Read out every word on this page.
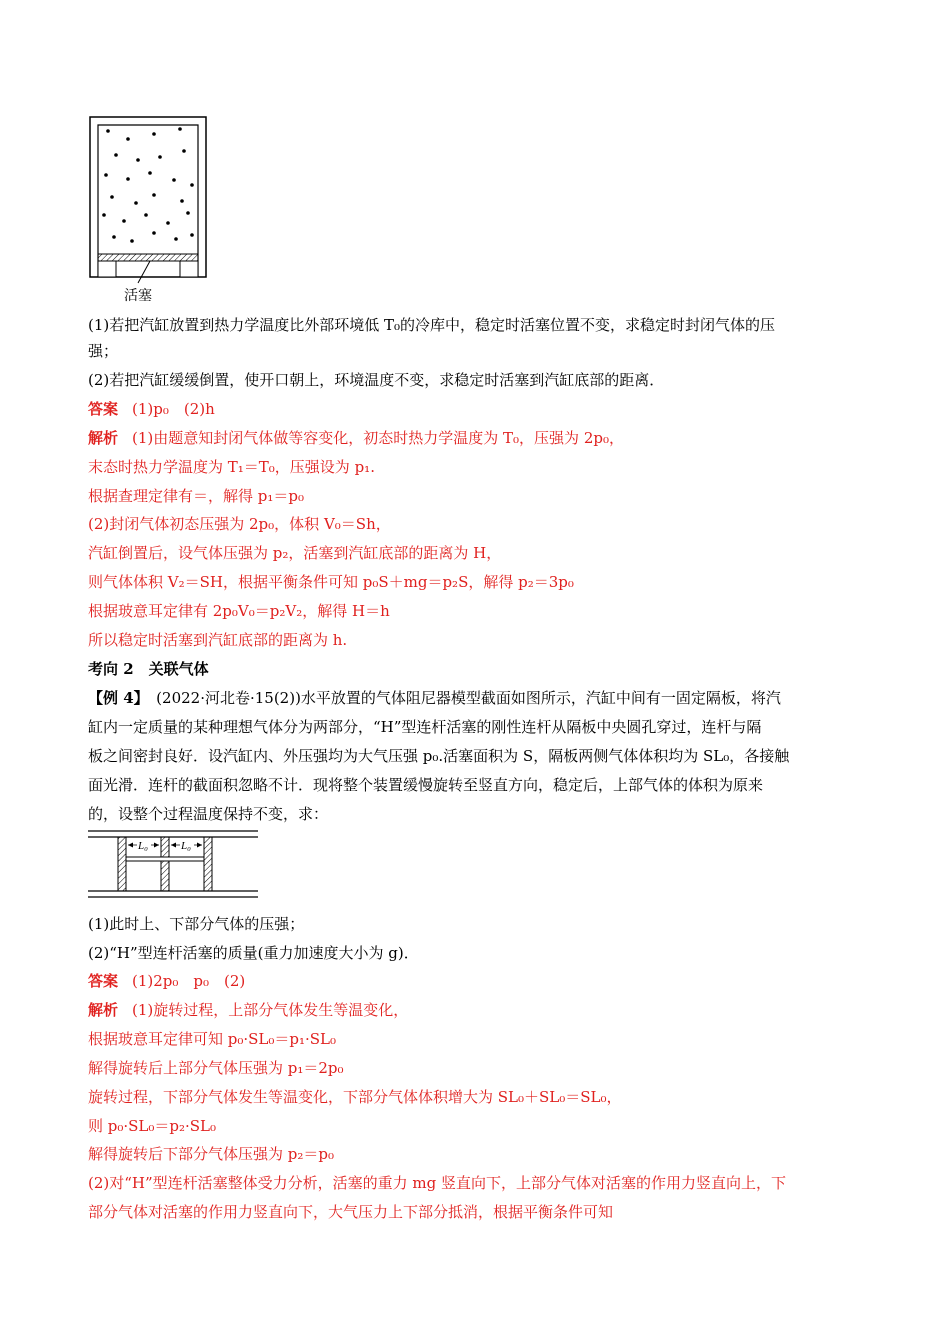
活塞
(1)若把汽缸放置到热力学温度比外部环境低 T₀的冷库中，稳定时活塞位置不变，求稳定时封闭气体的压
强；
(2)若把汽缸缓缓倒置，使开口朝上，环境温度不变，求稳定时活塞到汽缸底部的距离．
答案 (1)p₀　(2)h
解析 (1)由题意知封闭气体做等容变化，初态时热力学温度为 T₀，压强为 2p₀，
末态时热力学温度为 T₁＝T₀，压强设为 p₁.
根据查理定律有＝，解得 p₁＝p₀
(2)封闭气体初态压强为 2p₀，体积 V₀＝Sh，
汽缸倒置后，设气体压强为 p₂，活塞到汽缸底部的距离为 H，
则气体体积 V₂＝SH，根据平衡条件可知 p₀S＋mg＝p₂S，解得 p₂＝3p₀
根据玻意耳定律有 2p₀V₀＝p₂V₂，解得 H＝h
所以稳定时活塞到汽缸底部的距离为 h.
考向 2　关联气体
【例 4】　(2022·河北卷·15(2))水平放置的气体阻尼器模型截面如图所示，汽缸中间有一固定隔板，将汽
缸内一定质量的某种理想气体分为两部分，“H”型连杆活塞的刚性连杆从隔板中央圆孔穿过，连杆与隔
板之间密封良好．设汽缸内、外压强均为大气压强 p₀.活塞面积为 S，隔板两侧气体体积均为 SL₀，各接触
面光滑．连杆的截面积忽略不计．现将整个装置缓慢旋转至竖直方向，稳定后，上部气体的体积为原来
的，设整个过程温度保持不变，求：
L₀	L₀
(1)此时上、下部分气体的压强；
(2)“H”型连杆活塞的质量(重力加速度大小为 g)．
答案 (1)2p₀　p₀　(2)
解析 (1)旋转过程，上部分气体发生等温变化，
根据玻意耳定律可知 p₀·SL₀＝p₁·SL₀
解得旋转后上部分气体压强为 p₁＝2p₀
旋转过程，下部分气体发生等温变化，下部分气体体积增大为 SL₀＋SL₀＝SL₀，
则 p₀·SL₀＝p₂·SL₀
解得旋转后下部分气体压强为 p₂＝p₀
(2)对“H”型连杆活塞整体受力分析，活塞的重力 mg 竖直向下，上部分气体对活塞的作用力竖直向上，下
部分气体对活塞的作用力竖直向下，大气压力上下部分抵消，根据平衡条件可知
